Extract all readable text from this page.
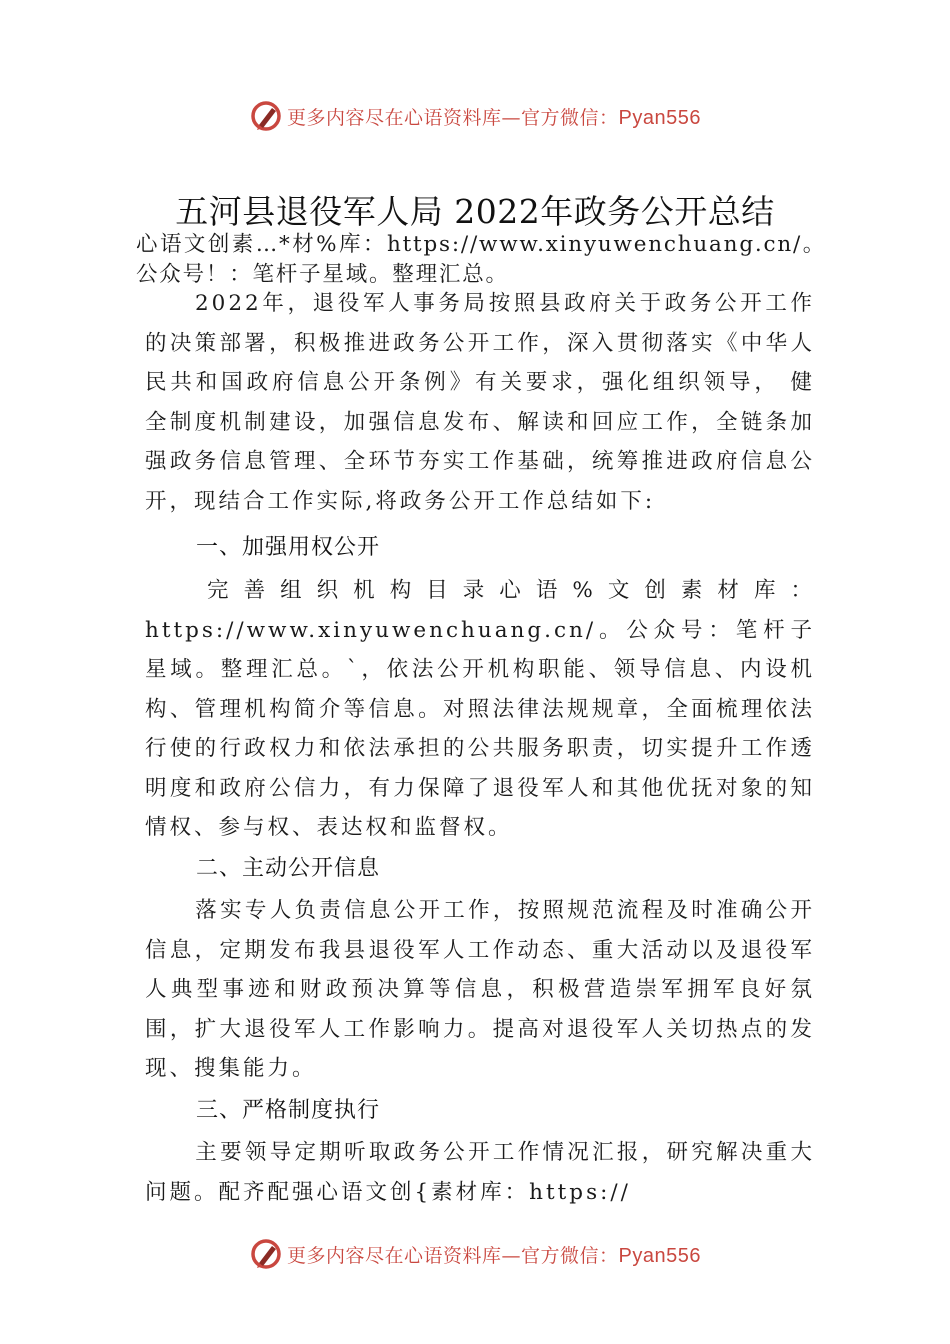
更多内容尽在心语资料库—官方微信：Pyan556
五河县退役军人局 2022年政务公开总结

心语文创素…*材%库：https://www.xinyuwenchuang.cn/。公众号！：笔杆子星域。整理汇总。

2022年，退役军人事务局按照县政府关于政务公开工作的决策部署，积极推进政务公开工作，深入贯彻落实《中华人民共和国政府信息公开条例》有关要求，强化组织领导， 健全制度机制建设，加强信息发布、解读和回应工作，全链条加强政务信息管理、全环节夯实工作基础，统筹推进政府信息公开，现结合工作实际,将政务公开工作总结如下:

一、加强用权公开

完善组织机构目录心语%文创素材库：https://www.xinyuwenchuang.cn/。公众号：笔杆子星域。整理汇总。`，依法公开机构职能、领导信息、内设机构、管理机构简介等信息。对照法律法规规章，全面梳理依法行使的行政权力和依法承担的公共服务职责，切实提升工作透明度和政府公信力，有力保障了退役军人和其他优抚对象的知情权、参与权、表达权和监督权。

二、主动公开信息

落实专人负责信息公开工作，按照规范流程及时准确公开信息，定期发布我县退役军人工作动态、重大活动以及退役军人典型事迹和财政预决算等信息，积极营造崇军拥军良好氛围，扩大退役军人工作影响力。提高对退役军人关切热点的发现、搜集能力。

三、严格制度执行

主要领导定期听取政务公开工作情况汇报，研究解决重大问题。配齐配强心语文创{素材库：https://

更多内容尽在心语资料库—官方微信：Pyan556
